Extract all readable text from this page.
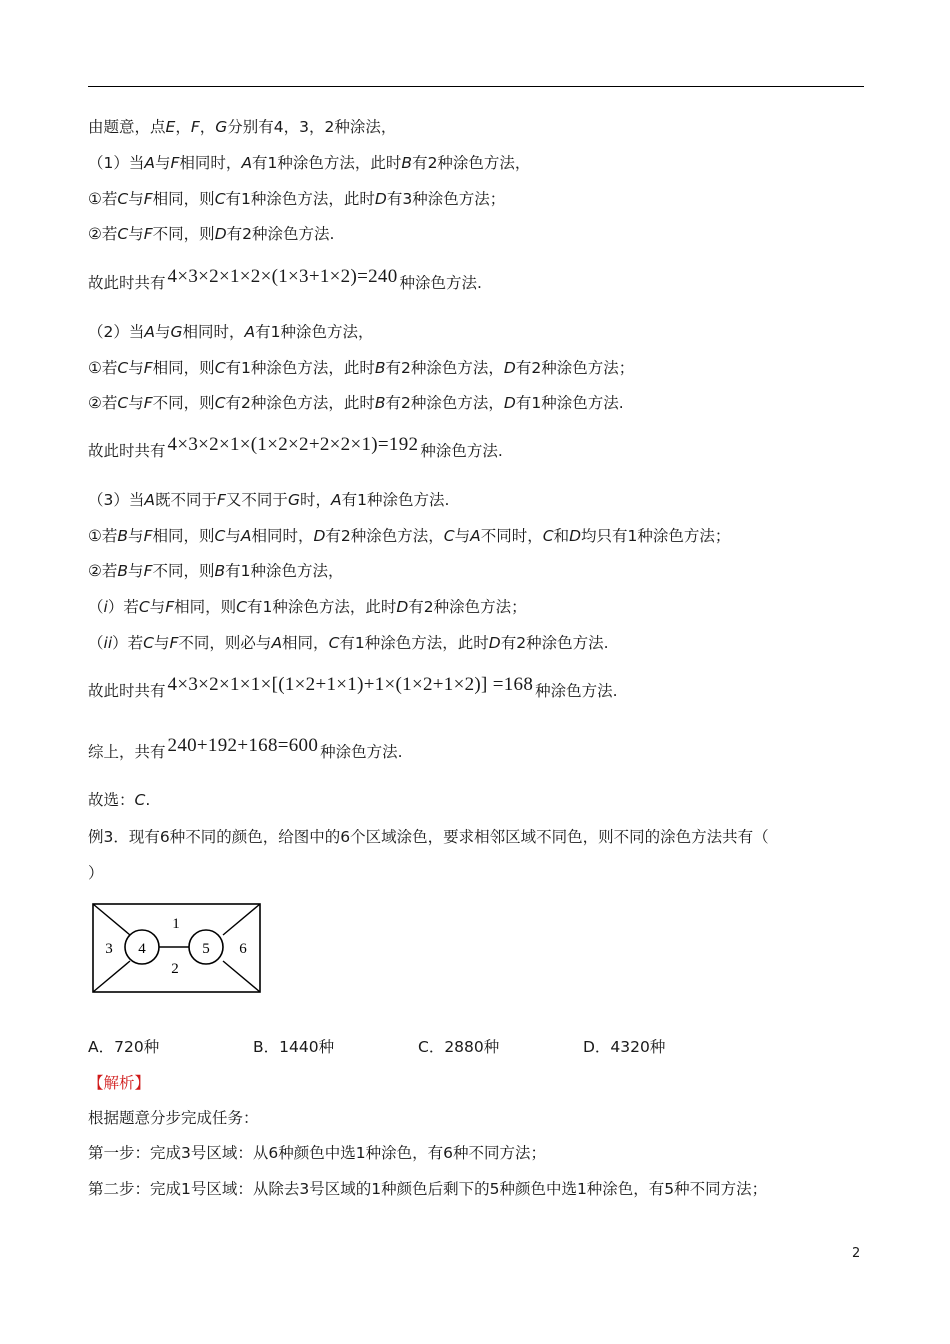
由题意，点E，F，G分别有4，3，2种涂法，
（1）当A与F相同时，A有1种涂色方法，此时B有2种涂色方法，
①若C与F相同，则C有1种涂色方法，此时D有3种涂色方法；
②若C与F不同，则D有2种涂色方法.
故此时共有 4×3×2×1×2×(1×3+1×2)=240 种涂色方法.
（2）当A与G相同时，A有1种涂色方法，
①若C与F相同，则C有1种涂色方法，此时B有2种涂色方法，D有2种涂色方法；
②若C与F不同，则C有2种涂色方法，此时B有2种涂色方法，D有1种涂色方法.
故此时共有 4×3×2×1×(1×2×2+2×2×1)=192 种涂色方法.
（3）当A既不同于F又不同于G时，A有1种涂色方法.
①若B与F相同，则C与A相同时，D有2种涂色方法，C与A不同时，C和D均只有1种涂色方法；
②若B与F不同，则B有1种涂色方法，
（i）若C与F相同，则C有1种涂色方法，此时D有2种涂色方法；
（ii）若C与F不同，则必与A相同，C有1种涂色方法，此时D有2种涂色方法.
故此时共有 4×3×2×1×1×[(1×2+1×1)+1×(1×2+1×2)] =168 种涂色方法.
综上，共有 240+192+168=600 种涂色方法.
故选：C.
例3．现有6种不同的颜色，给图中的6个区域涂色，要求相邻区域不同色，则不同的涂色方法共有（
）
1
2
3 4	5 6
A．720种	B．1440种	C．2880种	D．4320种
【解析】
根据题意分步完成任务：
第一步：完成3号区域：从6种颜色中选1种涂色，有6种不同方法；
第二步：完成1号区域：从除去3号区域的1种颜色后剩下的5种颜色中选1种涂色，有5种不同方法；
2
